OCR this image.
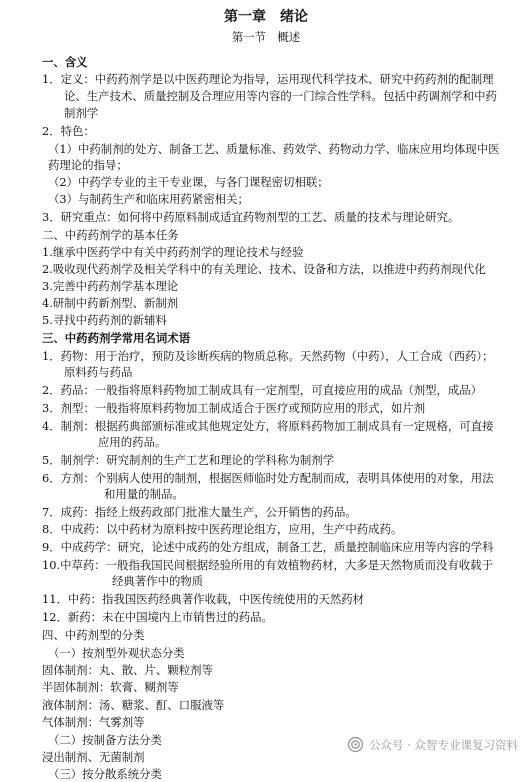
第一章　绪论
第一节　概述
一、含义
1．定义：中药药剂学是以中医药理论为指导，运用现代科学技术、研究中药药剂的配制理
论、生产技术、质量控制及合理应用等内容的一门综合性学科。包括中药调剂学和中药
制剂学
2．特色：
（1）中药制剂的处方、制备工艺、质量标准、药效学、药物动力学、临床应用均体现中医
药理论的指导；
（2）中药学专业的主干专业课，与各门课程密切相联；
（3）与制药生产和临床用药紧密相关；
3．研究重点：如何将中药原料制成适宜药物剂型的工艺、质量的技术与理论研究。
二、中药药剂学的基本任务
1.继承中医药学中有关中药药剂学的理论技术与经验
2.吸收现代药剂学及相关学科中的有关理论、技术、设备和方法，以推进中药药剂现代化
3.完善中药药剂学基本理论
4.研制中药新剂型、新制剂
5.寻找中药药剂的新辅料
三、中药药剂学常用名词术语
1．药物：用于治疗，预防及诊断疾病的物质总称。天然药物（中药），人工合成（西药）；
原料药与药品
2．药品：一般指将原料药物加工制成具有一定剂型，可直接应用的成品（剂型，成品）
3．剂型：一般指将原料药物加工制成适合于医疗或预防应用的形式，如片剂
4．制剂：根据药典部颁标准或其他规定处方，将原料药物加工制成具有一定规格，可直接
应用的药品。
5．制剂学：研究制剂的生产工艺和理论的学科称为制剂学
6．方剂：个别病人使用的制剂，根据医师临时处方配制而成，表明具体使用的对象，用法
和用量的制品。
7．成药：指经上级药政部门批准大量生产，公开销售的药品。
8．中成药：以中药材为原料按中医药理论组方，应用，生产中药成药。
9．中成药学：研究，论述中成药的处方组成，制备工艺，质量控制临床应用等内容的学科
10.中草药：一般指我国民间根据经验所用的有效植物药材，大多是天然物质而没有收载于
经典著作中的物质
11．中药：指我国医药经典著作收载，中医传统使用的天然药材
12．新药：未在中国境内上市销售过的药品。
四、中药剂型的分类
（一）按剂型外观状态分类
固体制剂：丸、散、片、颗粒剂等
半固体制剂：软膏、糊剂等
液体制剂：汤、糖浆、酊、口服液等
气体制剂：气雾剂等
（二）按制备方法分类
浸出制剂、无菌制剂
（三）按分散系统分类
公众号 · 众智专业课复习资料
